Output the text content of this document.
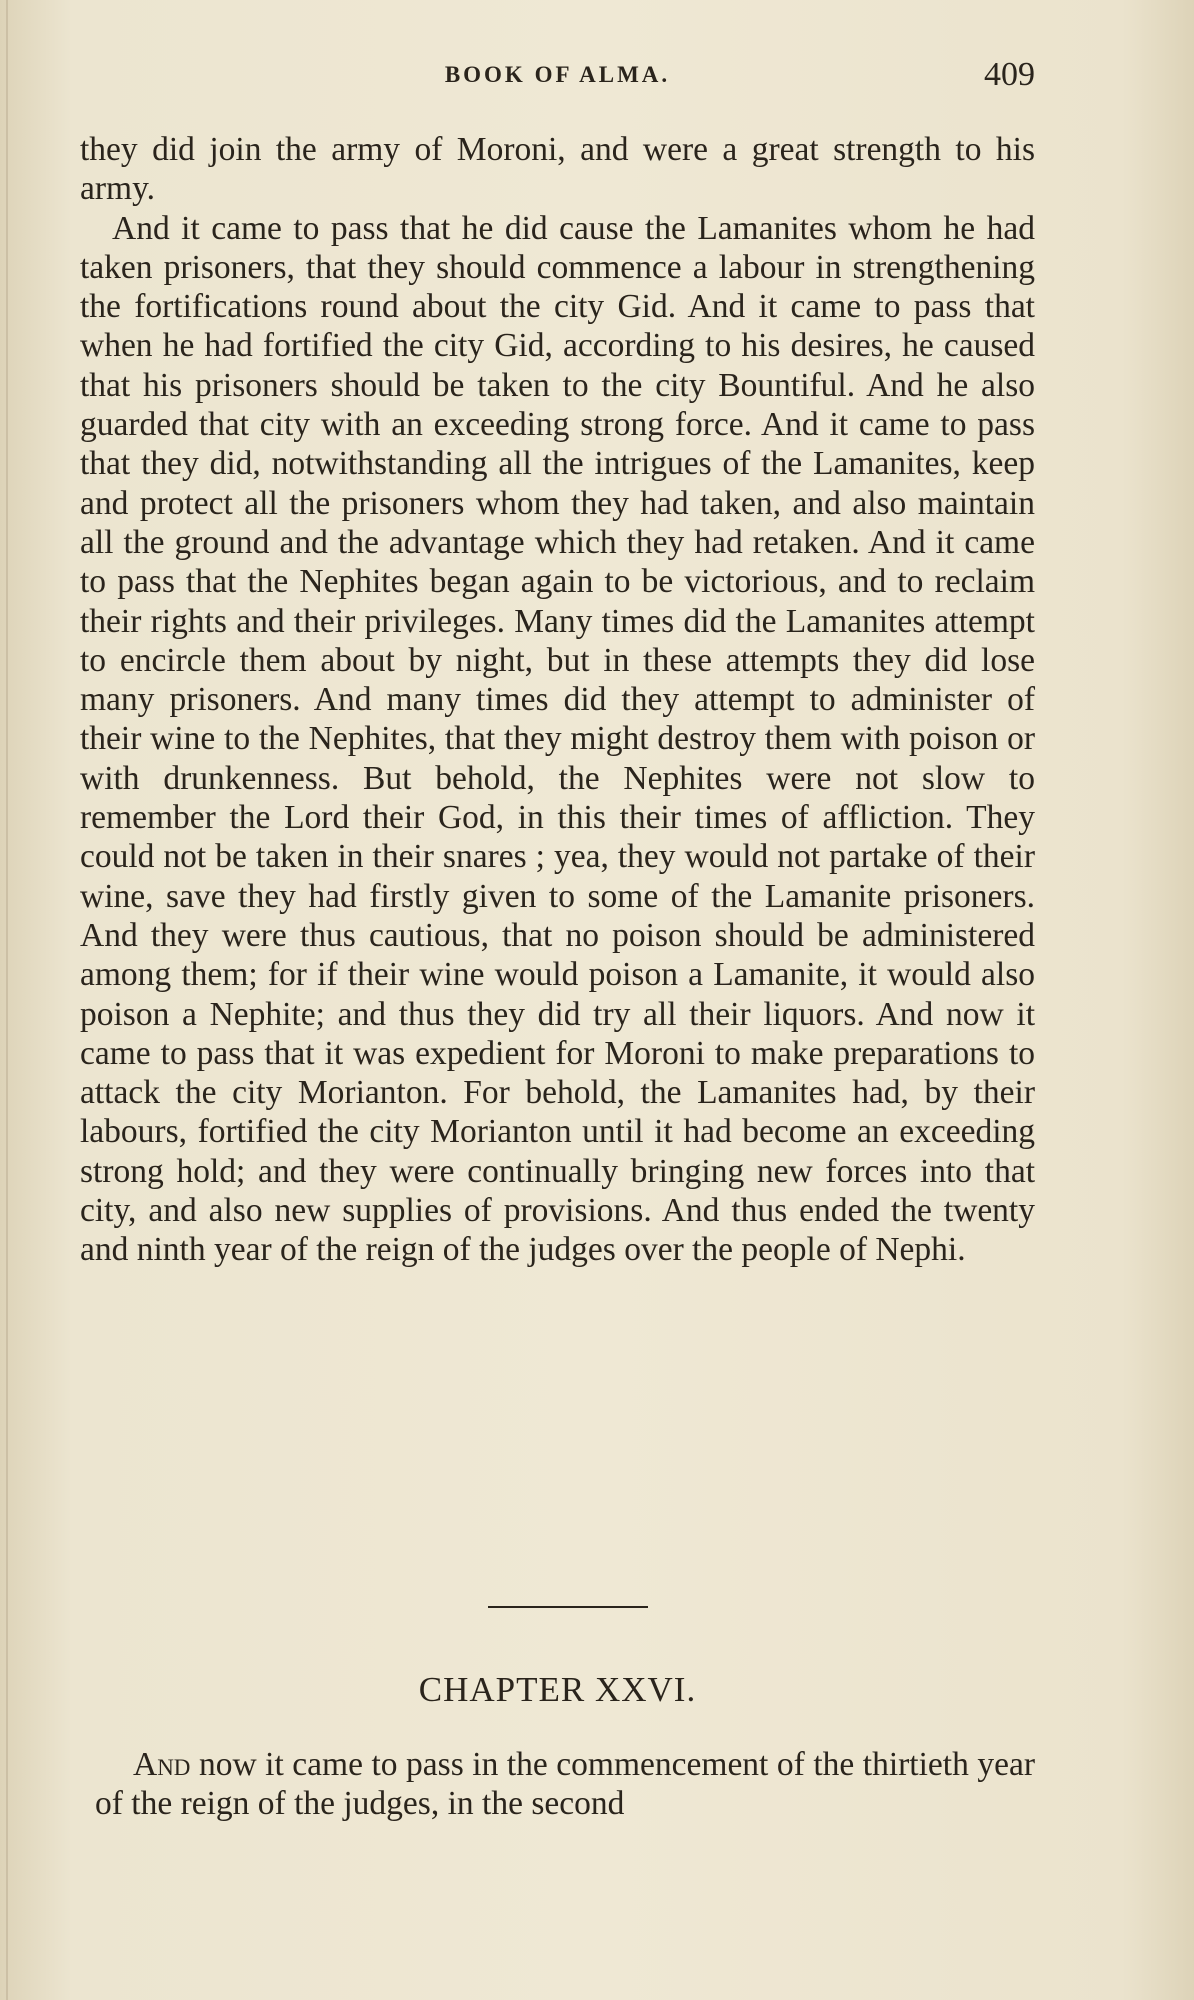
BOOK OF ALMA.	409

they did join the army of Moroni, and were a great strength to his army.

And it came to pass that he did cause the Lamanites whom he had taken prisoners, that they should commence a labour in strengthening the fortifications round about the city Gid. And it came to pass that when he had fortified the city Gid, according to his desires, he caused that his prisoners should be taken to the city Bountiful. And he also guarded that city with an exceeding strong force. And it came to pass that they did, notwithstanding all the intrigues of the Lamanites, keep and protect all the prisoners whom they had taken, and also maintain all the ground and the advantage which they had retaken. And it came to pass that the Nephites began again to be victorious, and to reclaim their rights and their privileges. Many times did the Lamanites attempt to encircle them about by night, but in these attempts they did lose many prisoners. And many times did they attempt to administer of their wine to the Nephites, that they might destroy them with poison or with drunkenness. But behold, the Nephites were not slow to remember the Lord their God, in this their times of affliction. They could not be taken in their snares ; yea, they would not partake of their wine, save they had firstly given to some of the Lamanite prisoners. And they were thus cautious, that no poison should be administered among them; for if their wine would poison a Lamanite, it would also poison a Nephite; and thus they did try all their liquors. And now it came to pass that it was expedient for Moroni to make preparations to attack the city Morianton. For behold, the Lamanites had, by their labours, fortified the city Morianton until it had become an exceeding strong hold; and they were continually bringing new forces into that city, and also new supplies of provisions. And thus ended the twenty and ninth year of the reign of the judges over the people of Nephi.

CHAPTER XXVI.

And now it came to pass in the commencement of the thirtieth year of the reign of the judges, in the second
